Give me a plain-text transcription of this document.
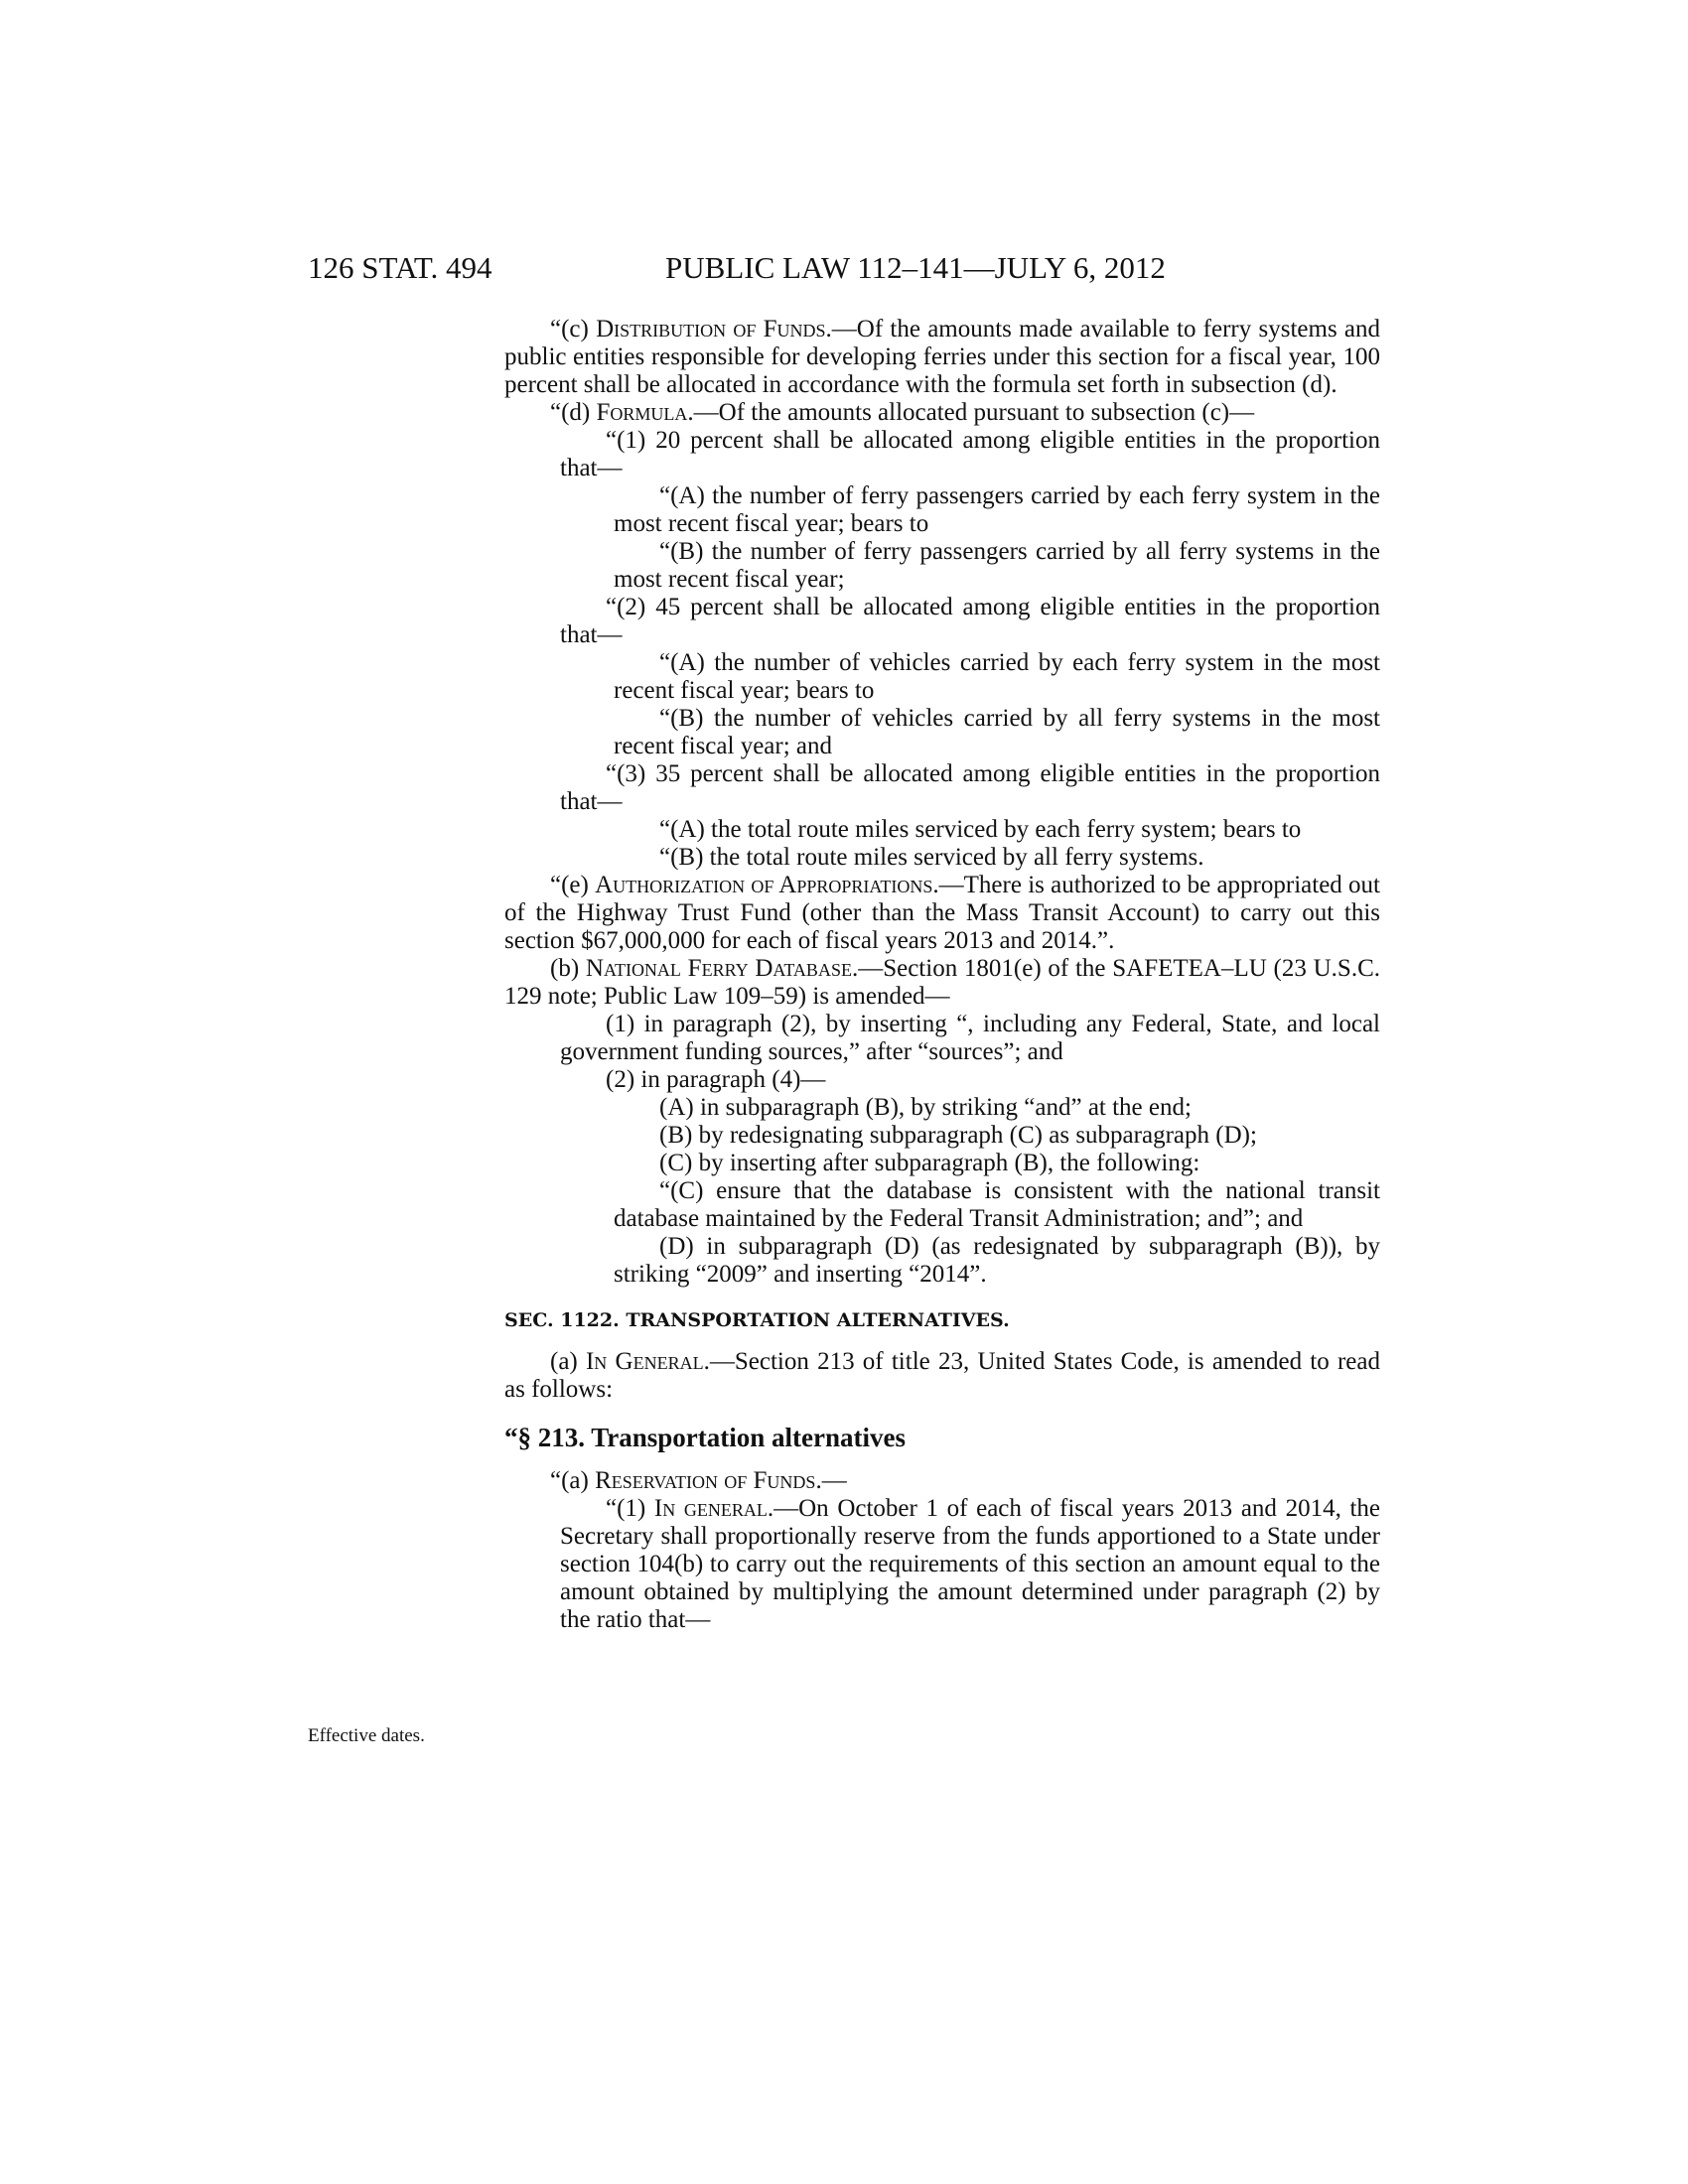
126 STAT. 494	PUBLIC LAW 112–141—JULY 6, 2012
Effective dates.

“(c) Distribution of Funds.—Of the amounts made available to ferry systems and public entities responsible for developing ferries under this section for a fiscal year, 100 percent shall be allocated in accordance with the formula set forth in subsection (d).

“(d) Formula.—Of the amounts allocated pursuant to subsection (c)—

“(1) 20 percent shall be allocated among eligible entities in the proportion that—

“(A) the number of ferry passengers carried by each ferry system in the most recent fiscal year; bears to

“(B) the number of ferry passengers carried by all ferry systems in the most recent fiscal year;

“(2) 45 percent shall be allocated among eligible entities in the proportion that—

“(A) the number of vehicles carried by each ferry system in the most recent fiscal year; bears to

“(B) the number of vehicles carried by all ferry systems in the most recent fiscal year; and

“(3) 35 percent shall be allocated among eligible entities in the proportion that—

“(A) the total route miles serviced by each ferry system; bears to

“(B) the total route miles serviced by all ferry systems.

“(e) Authorization of Appropriations.—There is authorized to be appropriated out of the Highway Trust Fund (other than the Mass Transit Account) to carry out this section $67,000,000 for each of fiscal years 2013 and 2014.”.

(b) National Ferry Database.—Section 1801(e) of the SAFETEA–LU (23 U.S.C. 129 note; Public Law 109–59) is amended—

(1) in paragraph (2), by inserting “, including any Federal, State, and local government funding sources,” after “sources”; and

(2) in paragraph (4)—

(A) in subparagraph (B), by striking “and” at the end;

(B) by redesignating subparagraph (C) as subparagraph (D);

(C) by inserting after subparagraph (B), the following:

“(C) ensure that the database is consistent with the national transit database maintained by the Federal Transit Administration; and”; and

(D) in subparagraph (D) (as redesignated by subparagraph (B)), by striking “2009” and inserting “2014”.

SEC. 1122. TRANSPORTATION ALTERNATIVES.

(a) In General.—Section 213 of title 23, United States Code, is amended to read as follows:

“§ 213. Transportation alternatives

“(a) Reservation of Funds.—

“(1) In general.—On October 1 of each of fiscal years 2013 and 2014, the Secretary shall proportionally reserve from the funds apportioned to a State under section 104(b) to carry out the requirements of this section an amount equal to the amount obtained by multiplying the amount determined under paragraph (2) by the ratio that—
